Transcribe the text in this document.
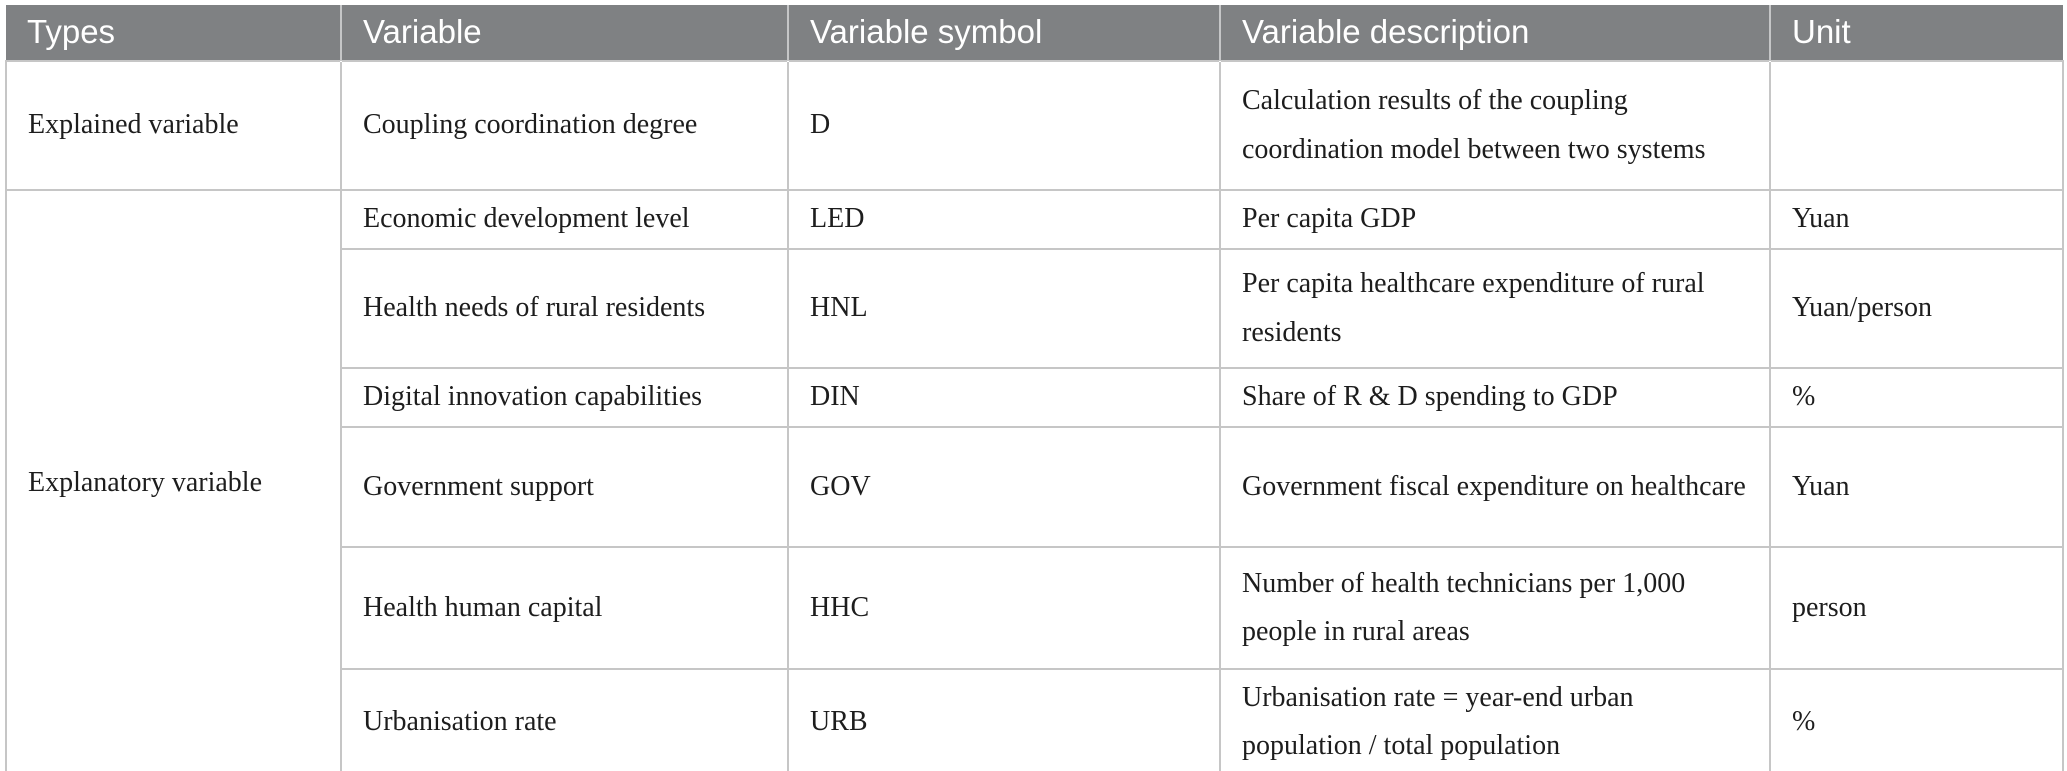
Types	Variable	Variable symbol	Variable description	Unit
Explained variable	Coupling coordination degree	D	Calculation results of the coupling coordination model between two systems	
Explanatory variable	Economic development level	LED	Per capita GDP	Yuan
	Health needs of rural residents	HNL	Per capita healthcare expenditure of rural residents	Yuan/person
	Digital innovation capabilities	DIN	Share of R & D spending to GDP	%
	Government support	GOV	Government fiscal expenditure on healthcare	Yuan
	Health human capital	HHC	Number of health technicians per 1,000 people in rural areas	person
	Urbanisation rate	URB	Urbanisation rate = year-end urban population / total population	%
